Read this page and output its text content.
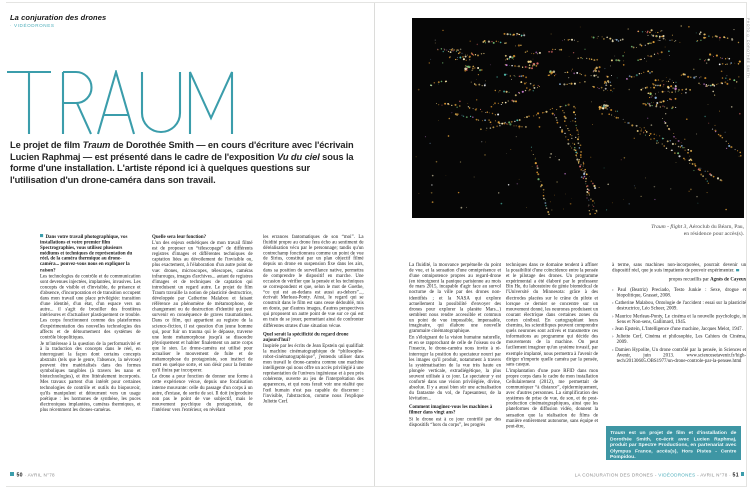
La conjuration des drones
· VIDÉODRONES
Le projet de film Traum de Dorothée Smith — en cours d'écriture avec l'écrivain Lucien Raphmaj — est présenté dans le cadre de l'exposition Vu du ciel sous la forme d'une installation. L'artiste répond ici à quelques questions sur l'utilisation d'un drone-caméra dans son travail.

Dans votre travail photographique, vos installations et votre premier film Spectrographies, vous utilisez plusieurs médiums et techniques de représentation du réel, de la caméra thermique au drone-caméra... pouvez-vous nous en expliquer la raison?

Les technologies de contrôle et de communication sont devenues injectées, implantées, invasives. Les concepts de visible et d'invisible, de présence et d'absence, d'incorporation et de transition occupent dans mon travail une place privilégiée: transition d'une identité, d'un état, d'un espace vers un autre... il s'agit de brouiller des frontières intérieures et d'actualiser plastiquement ce trouble. Les corps fonctionnent comme des plateformes d'expérimentation des nouvelles technologies des affects et de détournement des systèmes de contrôle biopolitiques.

Je m'intéresse à la question de la performativité et à la traduction des concepts dans le réel, en interrogeant la façon dont certains concepts abstraits (tels que le genre, l'absence, la névrose) peuvent être matérialisés dans des formes symboliques tangibles (à travers les nano et biotechnologies), et être littéralement incorporés. Mes travaux partent d'un intérêt pour certaines technologies de contrôle et outils du biopouvoir, qu'ils manipulent et détournent vers un usage poétique : les hormones de synthèse, les puces électroniques implantées, caméras thermiques, et plus récemment les drones-caméras.

Quelle sera leur fonction?

L'un des enjeux esthétiques de mon travail filmé est de proposer un “télescopage” de différents registres d'images et différentes techniques de captation liées au dévoilement de l'invisible ou, plus exactement, à l'élaboration d'un autre point de vue: drones, microscopes, télescopes, caméras infrarouges, images d'archives... autant de registres d'images et de techniques de captation qui introduisent un regard autre. Le projet de film Traum travaille la notion de plasticité destructrice, développée par Catherine Malabou et faisant référence au phénomène de métamorphose, de changement ou de destruction d'identité qui peut survenir en conséquence de graves traumatismes. Dans ce film, qui appartient au registre de la science-fiction, il est question d'un jeune homme qui, pour fuir un trauma qui le dépasse, traverse une lente métamorphose jusqu'à se dissoudre physiquement et habiter finalement un autre corps que le sien. Le drone-caméra est utilisé pour actualiser le mouvement de fuite et de métamorphose du protagoniste, son instinct de mort en quelque sorte, et son désir pour la femme qu'il finira par incorporer.

Le drone a pour fonction de donner une forme à cette expérience vécue, depuis une focalisation interne mouvante: celle du passage d'un corps à un autre, d'extase, de sortie de soi. Il doit (re)produire non pas le point de vue subjectif, mais le mouvement psychique du protagoniste, de l'intérieur vers l'extérieur, en révélant

les errances fantomatiques de son “moi”. La fluidité propre au drone fera écho au sentiment de déréalisation vécu par le personnage; tandis qu'un contrechamp fonctionnera comme un point de vue de Sirius, constitué par un plan objectif filmé depuis un drone en suspension fixe dans les airs, dans sa position de surveillance native, permettra de comprendre le dispositif en marche. Une occasion de vérifier que la pensée et les techniques se correspondent et que, selon le mot de Goethe, “ce qui est au-dedans est aussi au-dehors”..., écrivait Merleau-Ponty. Ainsi, le regard qui se construit dans le film est sans cesse dédoublé, mis en doute, par d'autres images, d'autres perspectives qui proposent un autre point de vue sur ce qui est en train de se jouer, permettant ainsi de confronter différentes strates d'une situation vécue.

Quel serait la spécificité du regard drone aujourd'hui?

Inspirée par les écrits de Jean Epstein qui qualifiait la machine cinématographique de “philosophe-robot-cinématographique”, j'entends utiliser dans mon travail le drone-caméra comme une machine intelligente qui nous offre un accès privilégié à une représentation de l'univers ingénieuse et à peu près cohérente, ouverte au jeu de l'interprétation des apparences, et qui nous ferait voir une réalité que l'œil humain n'est pas capable de discerner : l'invisible, l'abstraction, comme nous l'explique Juliette Cerf.

50 · AVRIL N°78
PHOTO © DOROTHÉE SMITH
Traum - flight 3, Aéroclub du Béarn, Pau,
en résidence pour accès(s).

La fluidité, la mouvance perpétuelle du point de vue, et la sensation d'une omniprésence et d'une omnipotence propres au regard-drone (en témoignent la panique parisienne au mois de mars 2015, incapable d'agir face au survol nocturne de la ville par des drones non-identifiés ; et la NASA qui explore actuellement la possibilité d'envoyer des drones pour explorer la planète Mars...) semblent nous rendre accessible et commun un point de vue impossible, impensable, imaginaire, qui élabore une nouvelle grammaire cinématographique.

En s'éloignant de la vision humaine naturelle, et en se rapprochant de celle de l'oiseau ou de l'insecte, le drone-caméra nous invite à ré-interroger la position du spectateur nourri par les images qu'il produit, notamment à travers la systématisation de la vue très haute en plongée verticale, extradiégétique, la plus souvent utilisée à ce jour. Le spectateur y est conforté dans une vision privilégiée, divine, absolue. Il y a aussi bien sûr une actualisation du fantasme du vol, de l'apesanteur, de la lévitation...

Comment imaginez-vous les machines à filmer dans vingt ans?

Si le drone est à ce jour contrôlé par des dispositifs “hors du corps”, les progrès

techniques dans ce domaine tendent à affiner la possibilité d'une coïncidence entre la pensée et le pilotage des drones. Un programme expérimental a été élaboré par le professeur Bin He, du laboratoire de génie biomédical de l'Université du Minnesota: grâce à des électrodes placées sur le crâne du pilote et lorsque ce dernier se concentre sur un mouvement donné, les neurones produisent un courant électrique dans certaines zones du cortex cérébral. En cartographiant leurs chemins, les scientifiques peuvent comprendre quels neurones sont activés et transmettre ces informations au programme qui décide des mouvements de la machine. On peut facilement imaginer qu'un système invasif, par exemple implanté, nous permettra à l'avenir de diriger n'importe quelle caméra par la pensée, sans casque.

L'implantation d'une puce RFID dans mon propre corps dans le cadre de mon installation Cellulairement (2012), me permettait de communiquer “à distance”, épidermiquement, avec d'autres personnes. La simplification des systèmes de prise de vue, de son, et de post-production cinématographiques, ainsi que les plateformes de diffusion vidéo, donnent la sensation que la réalisation de films de manière entièrement autonome, sans équipe et peut-être,

à terme, sans machines non-incorporées, pourrait devenir un dispositif réel, que je suis impatiente de pouvoir expérimenter.

propos recueillis par Agnès de Cayeux

› Paul (Beatriz) Preciado, Testo Junkie : Sexe, drogue et biopolitique, Grasset, 2008.
› Catherine Malabou, Ontologie de l'accident : essai sur la plasticité destructrice, Léo Scheer, 2009.
› Maurice Merleau-Ponty, Le cinéma et la nouvelle psychologie, in Sens et Non-sens, Gallimard, 1945.
› Jean Epstein, L'Intelligence d'une machine, Jacques Melot, 1947.
› Juliette Cerf, Cinéma et philosophie, Les Cahiers du Cinéma, 2009.
› Damien Hypolite, Un drone contrôlé par la pensée, in Sciences et Avenir, juin 2013. www.sciencesetavenir.fr/high-tech/20130605.OBS1977/un-drone-controle-par-la-pensee.html
Traum est un projet de film et d'installation de Dorothée Smith, co-écrit avec Lucien Raphmaj, produit par Spectre Productions, en partenariat avec Olympus France, accès(s), Hors Pistes - Centre Pompidou.
LA CONJURATION DES DRONES - VIDÉODRONES - AVRIL N°78 · 51
